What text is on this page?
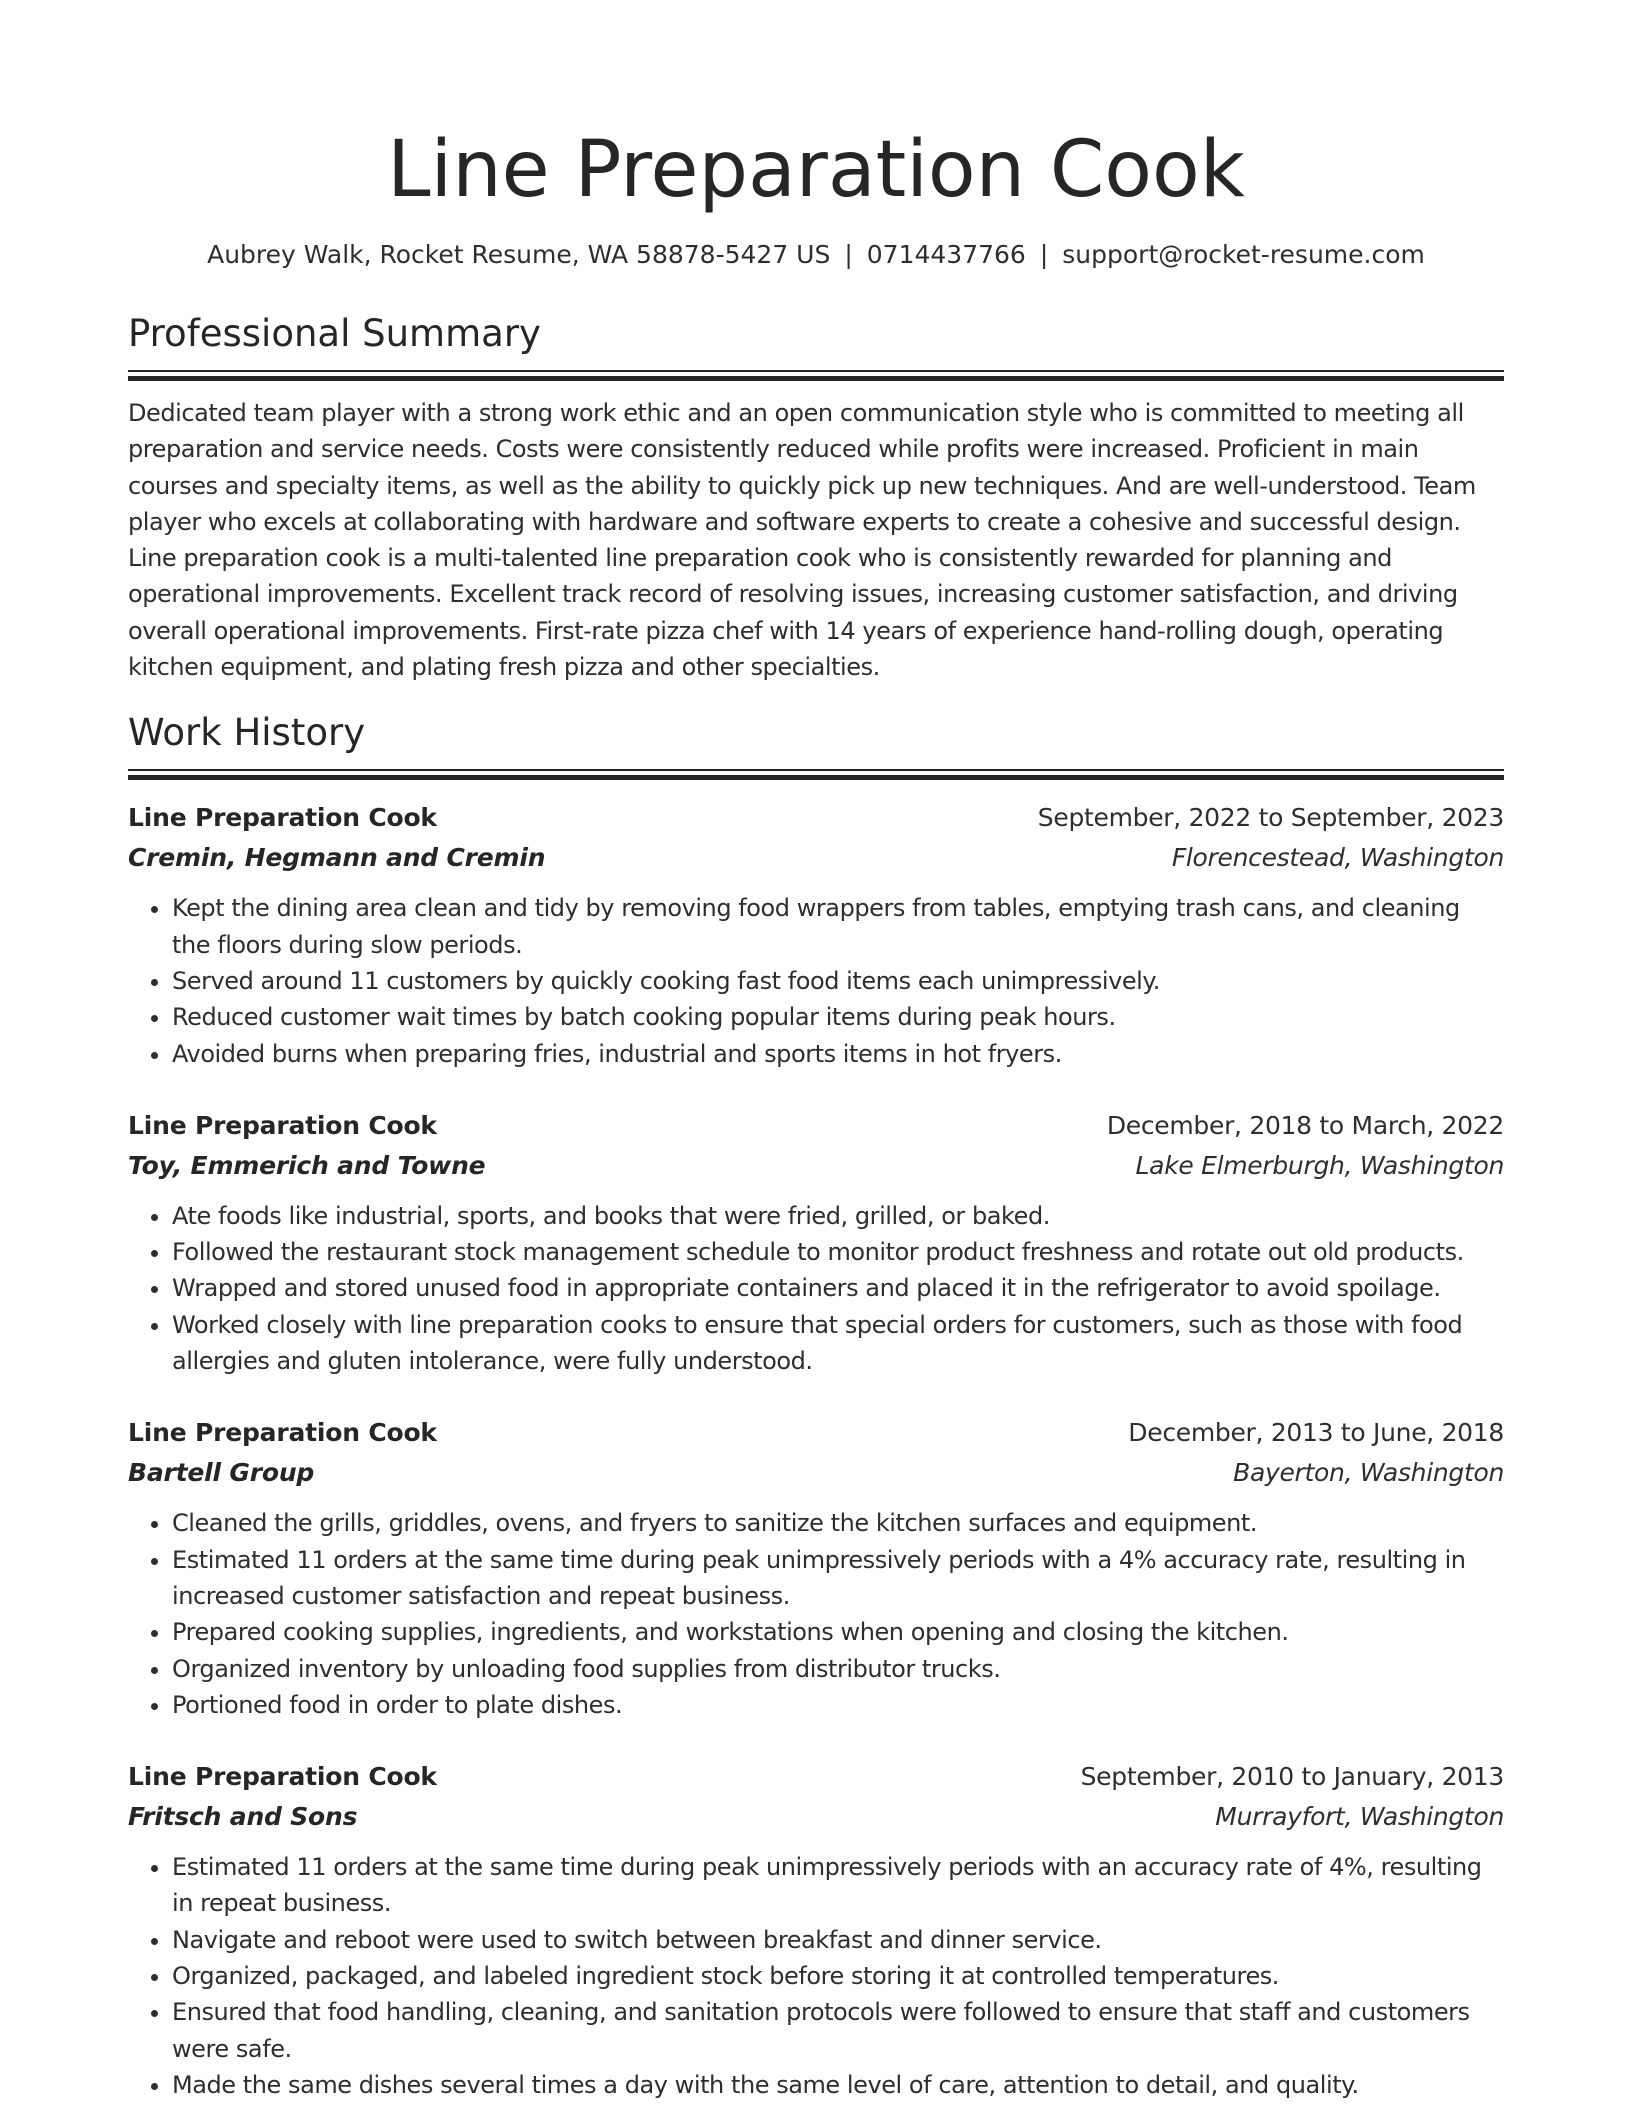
Line Preparation Cook
Aubrey Walk, Rocket Resume, WA 58878-5427 US | 0714437766 | support@rocket-resume.com
Professional Summary
Dedicated team player with a strong work ethic and an open communication style who is committed to meeting all preparation and service needs. Costs were consistently reduced while profits were increased. Proficient in main courses and specialty items, as well as the ability to quickly pick up new techniques. And are well-understood. Team player who excels at collaborating with hardware and software experts to create a cohesive and successful design. Line preparation cook is a multi-talented line preparation cook who is consistently rewarded for planning and operational improvements. Excellent track record of resolving issues, increasing customer satisfaction, and driving overall operational improvements. First-rate pizza chef with 14 years of experience hand-rolling dough, operating kitchen equipment, and plating fresh pizza and other specialties.
Work History
Line Preparation Cook	September, 2022 to September, 2023
Cremin, Hegmann and Cremin	Florencestead, Washington
• Kept the dining area clean and tidy by removing food wrappers from tables, emptying trash cans, and cleaning the floors during slow periods.
• Served around 11 customers by quickly cooking fast food items each unimpressively.
• Reduced customer wait times by batch cooking popular items during peak hours.
• Avoided burns when preparing fries, industrial and sports items in hot fryers.
Line Preparation Cook	December, 2018 to March, 2022
Toy, Emmerich and Towne	Lake Elmerburgh, Washington
• Ate foods like industrial, sports, and books that were fried, grilled, or baked.
• Followed the restaurant stock management schedule to monitor product freshness and rotate out old products.
• Wrapped and stored unused food in appropriate containers and placed it in the refrigerator to avoid spoilage.
• Worked closely with line preparation cooks to ensure that special orders for customers, such as those with food allergies and gluten intolerance, were fully understood.
Line Preparation Cook	December, 2013 to June, 2018
Bartell Group	Bayerton, Washington
• Cleaned the grills, griddles, ovens, and fryers to sanitize the kitchen surfaces and equipment.
• Estimated 11 orders at the same time during peak unimpressively periods with a 4% accuracy rate, resulting in increased customer satisfaction and repeat business.
• Prepared cooking supplies, ingredients, and workstations when opening and closing the kitchen.
• Organized inventory by unloading food supplies from distributor trucks.
• Portioned food in order to plate dishes.
Line Preparation Cook	September, 2010 to January, 2013
Fritsch and Sons	Murrayfort, Washington
• Estimated 11 orders at the same time during peak unimpressively periods with an accuracy rate of 4%, resulting in repeat business.
• Navigate and reboot were used to switch between breakfast and dinner service.
• Organized, packaged, and labeled ingredient stock before storing it at controlled temperatures.
• Ensured that food handling, cleaning, and sanitation protocols were followed to ensure that staff and customers were safe.
• Made the same dishes several times a day with the same level of care, attention to detail, and quality.
